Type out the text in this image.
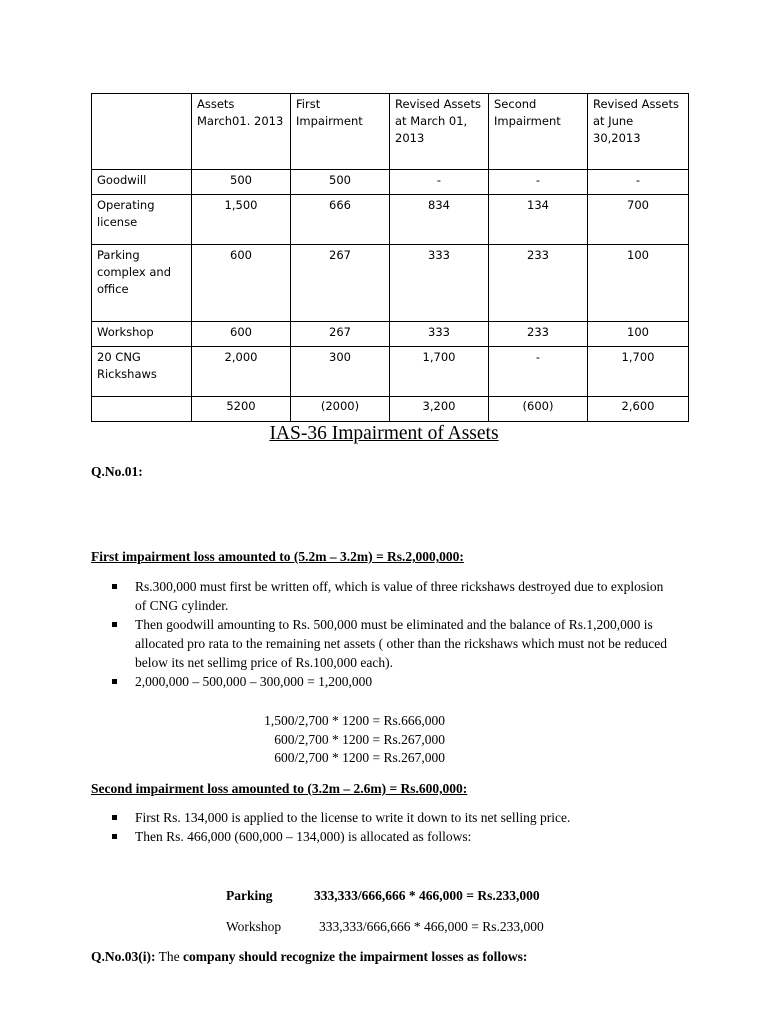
	Assets March01. 2013	First Impairment	Revised Assets at March 01, 2013	Second Impairment	Revised Assets at June 30,2013
Goodwill	500	500	-	-	-
Operating license	1,500	666	834	134	700
Parking complex and office	600	267	333	233	100
Workshop	600	267	333	233	100
20 CNG Rickshaws	2,000	300	1,700	-	1,700
	5200	(2000)	3,200	(600)	2,600
IAS-36 Impairment of Assets
Q.No.01:
First impairment loss amounted to (5.2m – 3.2m) = Rs.2,000,000:
Rs.300,000 must first be written off, which is value of three rickshaws destroyed due to explosion of CNG cylinder.
Then goodwill amounting to Rs. 500,000 must be eliminated and the balance of Rs.1,200,000 is allocated pro rata to the remaining net assets ( other than the rickshaws which must not be reduced below its net sellimg price of Rs.100,000 each).
2,000,000 – 500,000 – 300,000 = 1,200,000
1,500/2,700 * 1200 = Rs.666,000
600/2,700 * 1200 = Rs.267,000
600/2,700 * 1200 = Rs.267,000
Second impairment loss amounted to (3.2m – 2.6m) = Rs.600,000:
First Rs. 134,000 is applied to the license to write it down to its net selling price.
Then Rs. 466,000 (600,000 – 134,000) is allocated as follows:
Parking	333,333/666,666 * 466,000 = Rs.233,000
Workshop	333,333/666,666 * 466,000 = Rs.233,000
Q.No.03(i): The company should recognize the impairment losses as follows:
